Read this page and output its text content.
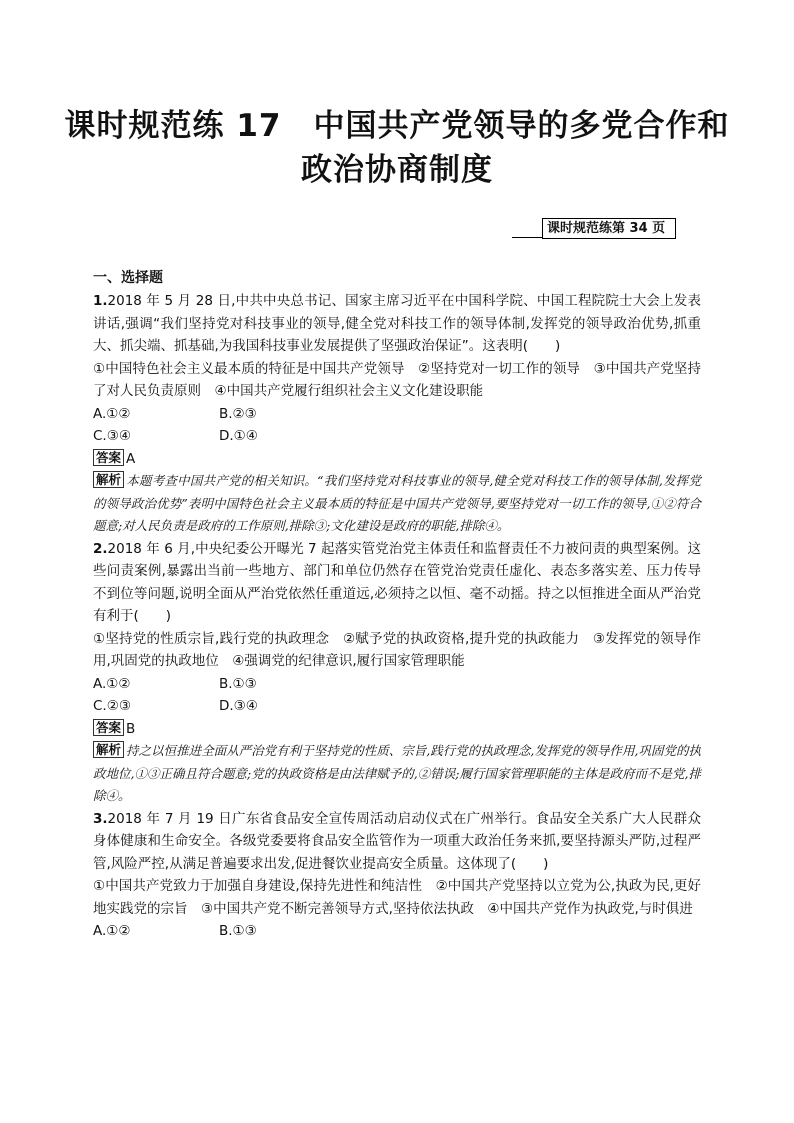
课时规范练 17　中国共产党领导的多党合作和
政治协商制度
课时规范练第 34 页
一、选择题

1.2018 年 5 月 28 日,中共中央总书记、国家主席习近平在中国科学院、中国工程院院士大会上发表讲话,强调“我们坚持党对科技事业的领导,健全党对科技工作的领导体制,发挥党的领导政治优势,抓重大、抓尖端、抓基础,为我国科技事业发展提供了坚强政治保证”。这表明(　　)

①中国特色社会主义最本质的特征是中国共产党领导　②坚持党对一切工作的领导　③中国共产党坚持了对人民负责原则　④中国共产党履行组织社会主义文化建设职能

A.①②	B.②③
C.③④	D.①④
答案 A
解析 本题考查中国共产党的相关知识。“我们坚持党对科技事业的领导,健全党对科技工作的领导体制,发挥党的领导政治优势”表明中国特色社会主义最本质的特征是中国共产党领导,要坚持党对一切工作的领导,①②符合题意;对人民负责是政府的工作原则,排除③;文化建设是政府的职能,排除④。

2.2018 年 6 月,中央纪委公开曝光 7 起落实管党治党主体责任和监督责任不力被问责的典型案例。这些问责案例,暴露出当前一些地方、部门和单位仍然存在管党治党责任虚化、表态多落实差、压力传导不到位等问题,说明全面从严治党依然任重道远,必须持之以恒、毫不动摇。持之以恒推进全面从严治党有利于(　　)

①坚持党的性质宗旨,践行党的执政理念　②赋予党的执政资格,提升党的执政能力　③发挥党的领导作用,巩固党的执政地位　④强调党的纪律意识,履行国家管理职能

A.①②	B.①③
C.②③	D.③④
答案 B
解析 持之以恒推进全面从严治党有利于坚持党的性质、宗旨,践行党的执政理念,发挥党的领导作用,巩固党的执政地位,①③正确且符合题意;党的执政资格是由法律赋予的,②错误;履行国家管理职能的主体是政府而不是党,排除④。

3.2018 年 7 月 19 日广东省食品安全宣传周活动启动仪式在广州举行。食品安全关系广大人民群众身体健康和生命安全。各级党委要将食品安全监管作为一项重大政治任务来抓,要坚持源头严防,过程严管,风险严控,从满足普遍要求出发,促进餐饮业提高安全质量。这体现了(　　)

①中国共产党致力于加强自身建设,保持先进性和纯洁性　②中国共产党坚持以立党为公,执政为民,更好地实践党的宗旨　③中国共产党不断完善领导方式,坚持依法执政　④中国共产党作为执政党,与时俱进

A.①②	B.①③
